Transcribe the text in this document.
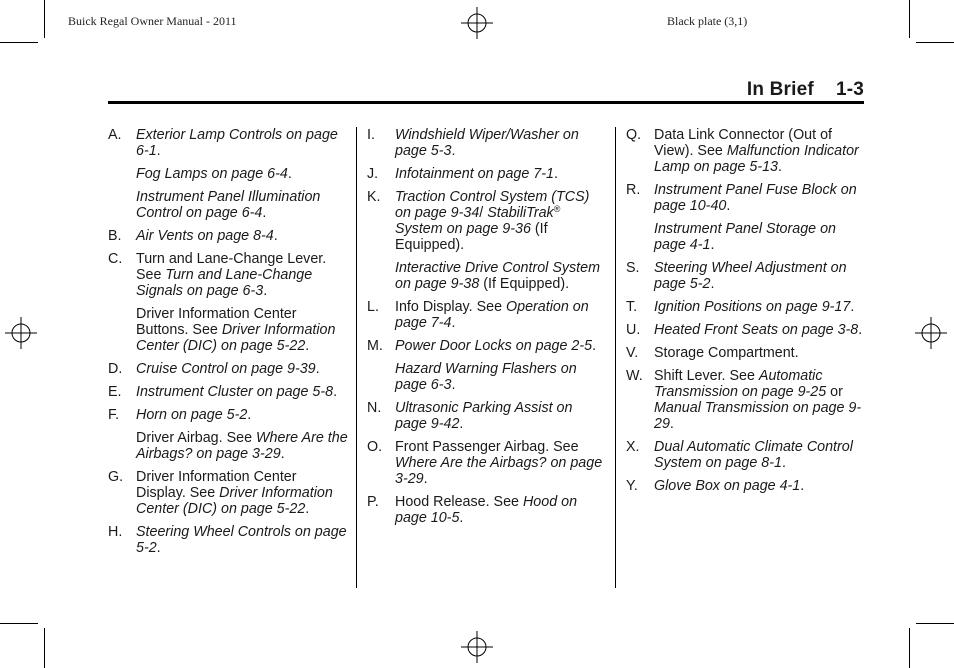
Buick Regal Owner Manual - 2011	Black plate (3,1)
In Brief 1-3
A. Exterior Lamp Controls on page 6-1.
Fog Lamps on page 6-4.
Instrument Panel Illumination Control on page 6-4.
B. Air Vents on page 8-4.
C. Turn and Lane-Change Lever. See Turn and Lane-Change Signals on page 6-3.
Driver Information Center Buttons. See Driver Information Center (DIC) on page 5-22.
D. Cruise Control on page 9-39.
E. Instrument Cluster on page 5-8.
F. Horn on page 5-2.
Driver Airbag. See Where Are the Airbags? on page 3-29.
G. Driver Information Center Display. See Driver Information Center (DIC) on page 5-22.
H. Steering Wheel Controls on page 5-2.
I. Windshield Wiper/Washer on page 5-3.
J. Infotainment on page 7-1.
K. Traction Control System (TCS) on page 9-34/ StabiliTrak® System on page 9-36 (If Equipped).
Interactive Drive Control System on page 9-38 (If Equipped).
L. Info Display. See Operation on page 7-4.
M. Power Door Locks on page 2-5.
Hazard Warning Flashers on page 6-3.
N. Ultrasonic Parking Assist on page 9-42.
O. Front Passenger Airbag. See Where Are the Airbags? on page 3-29.
P. Hood Release. See Hood on page 10-5.
Q. Data Link Connector (Out of View). See Malfunction Indicator Lamp on page 5-13.
R. Instrument Panel Fuse Block on page 10-40.
Instrument Panel Storage on page 4-1.
S. Steering Wheel Adjustment on page 5-2.
T. Ignition Positions on page 9-17.
U. Heated Front Seats on page 3-8.
V. Storage Compartment.
W. Shift Lever. See Automatic Transmission on page 9-25 or Manual Transmission on page 9-29.
X. Dual Automatic Climate Control System on page 8-1.
Y. Glove Box on page 4-1.
